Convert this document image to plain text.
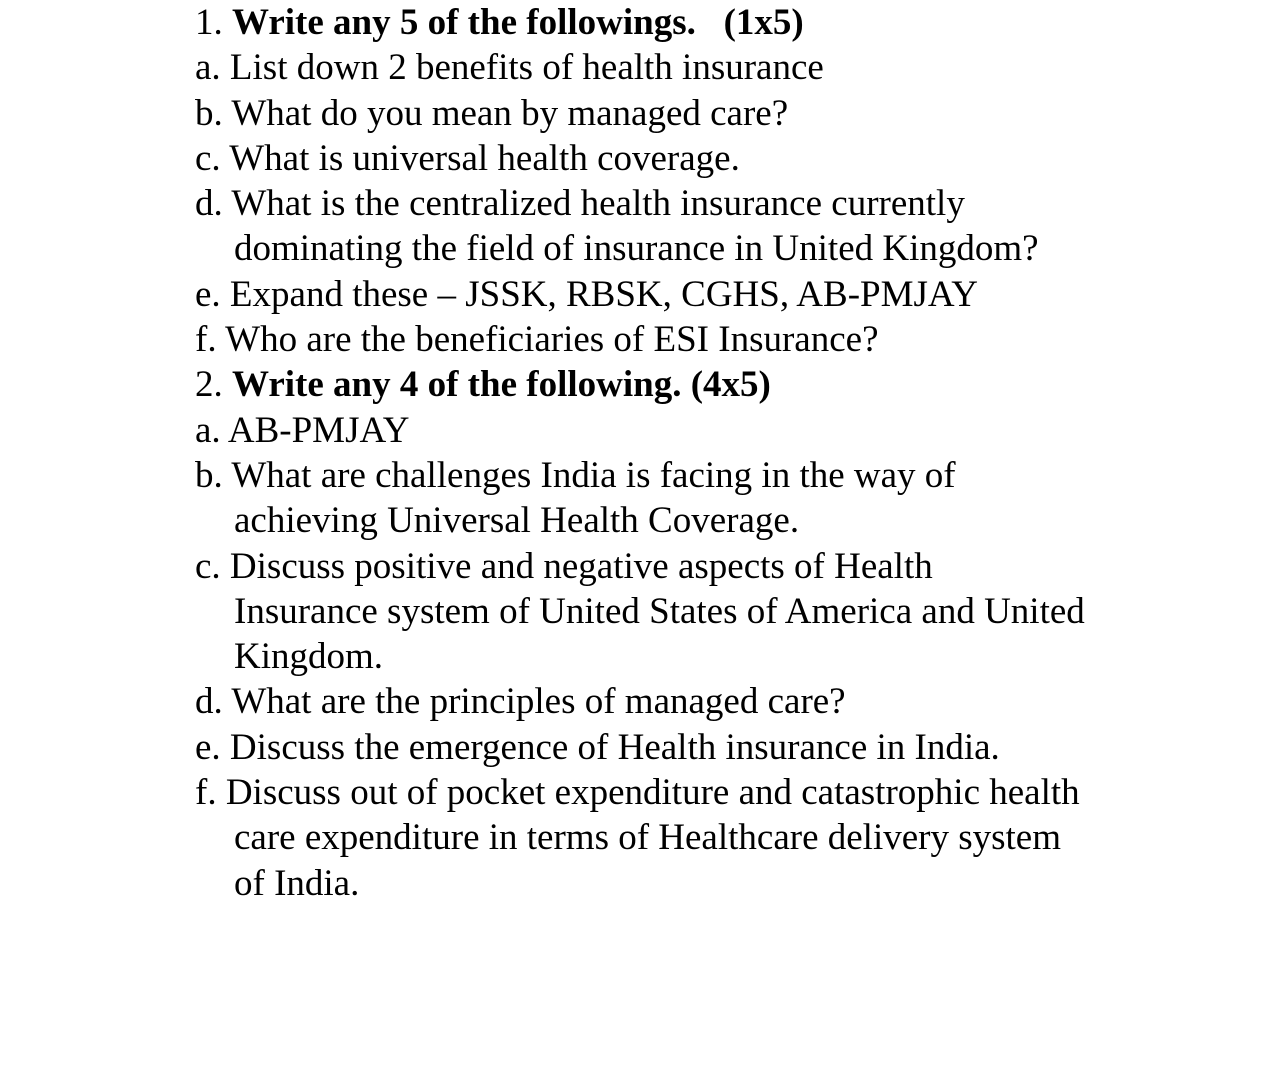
1. Write any 5 of the followings. (1x5)
a. List down 2 benefits of health insurance
b. What do you mean by managed care?
c. What is universal health coverage.
d. What is the centralized health insurance currently
dominating the field of insurance in United Kingdom?
e. Expand these – JSSK, RBSK, CGHS, AB-PMJAY
f. Who are the beneficiaries of ESI Insurance?
2. Write any 4 of the following. (4x5)
a. AB-PMJAY
b. What are challenges India is facing in the way of
achieving Universal Health Coverage.
c. Discuss positive and negative aspects of Health
Insurance system of United States of America and United
Kingdom.
d. What are the principles of managed care?
e. Discuss the emergence of Health insurance in India.
f. Discuss out of pocket expenditure and catastrophic health
care expenditure in terms of Healthcare delivery system
of India.
